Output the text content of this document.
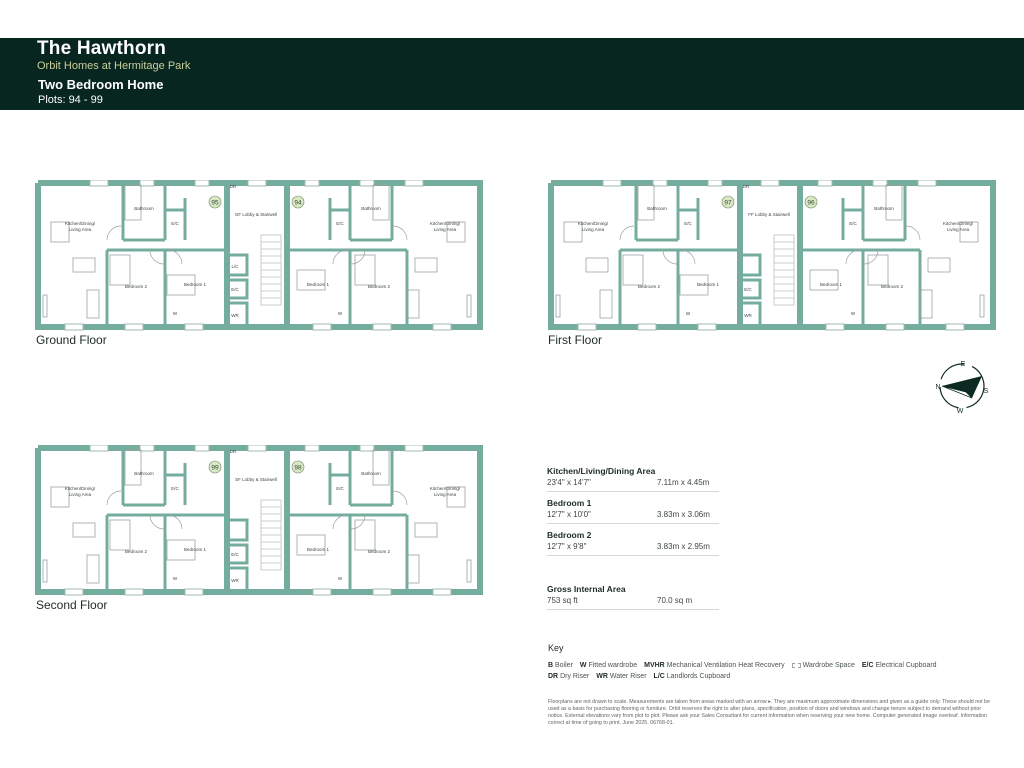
The Hawthorn
Orbit Homes at Hermitage Park
Two Bedroom Home
Plots: 94 - 99
95	94
Kitchen/Dining/
Living Area
Bathroom
Bedroom 2	Bedroom 1
Kitchen/Dining/
Living Area
Bathroom
Bedroom 2
Bedroom 1
E/C	E/C
W	W
GF Lobby & Stairwell
L/C
E/C
WR
DR
Ground Floor
97	96
Kitchen/Dining/
Living Area
Bathroom
Bedroom 2	Bedroom 1
Kitchen/Dining/
Living Area
Bathroom
Bedroom 2
Bedroom 1
E/C	E/C
W	W
FF Lobby & Stairwell
E/C
WR
DR
First Floor
99	98
Kitchen/Dining/
Living Area
Bathroom
Bedroom 2	Bedroom 1
Kitchen/Dining/
Living Area
Bathroom
Bedroom 2
Bedroom 1
E/C	E/C
W	W
SF Lobby & Stairwell
E/C
WR
DR
Second Floor
E
N
S
W
Kitchen/Living/Dining Area
23'4" x 14'7"	7.11m x 4.45m
Bedroom 1
12'7" x 10'0"	3.83m x 3.06m
Bedroom 2
12'7" x 9'8"	3.83m x 2.95m
Gross Internal Area
753 sq ft	70.0 sq m
Key
B Boiler W Fitted wardrobe MVHR Mechanical Ventilation Heat Recovery	Wardrobe Space E/C Electrical Cupboard
DR Dry Riser WR Water Riser L/C Landlords Cupboard
Floorplans are not drawn to scale. Measurements are taken from areas marked with an arrow ▸. They are maximum approximate dimensions and given as a guide only. These should not be used as a basis for purchasing flooring or furniture. Orbit reserves the right to alter plans, specification, position of doors and windows and change tenure subject to demand without prior notice. External elevations vary from plot to plot. Please ask your Sales Consultant for current information when reserving your new home. Computer generated image overleaf. Information correct at time of going to print. June 2025. 06768-01.
